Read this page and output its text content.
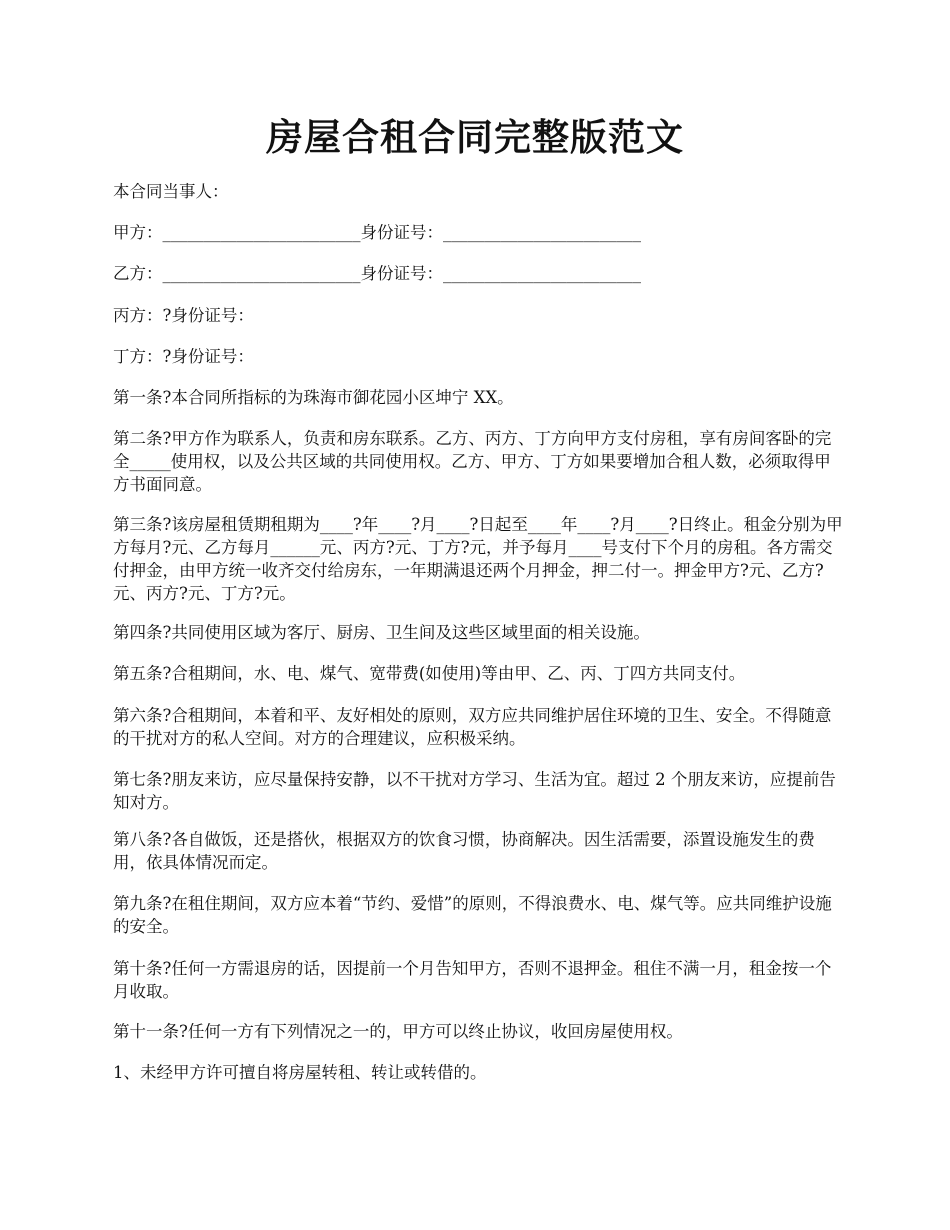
房屋合租合同完整版范文

本合同当事人：

甲方：________________________身份证号：________________________

乙方：________________________身份证号：________________________

丙方：?身份证号：

丁方：?身份证号：

第一条?本合同所指标的为珠海市御花园小区坤宁 XX。

第二条?甲方作为联系人，负责和房东联系。乙方、丙方、丁方向甲方支付房租，享有房间客卧的完全_____使用权，以及公共区域的共同使用权。乙方、甲方、丁方如果要增加合租人数，必须取得甲方书面同意。

第三条?该房屋租赁期租期为____?年____?月____?日起至____年____?月____?日终止。租金分别为甲方每月?元、乙方每月______元、丙方?元、丁方?元，并予每月____号支付下个月的房租。各方需交付押金，由甲方统一收齐交付给房东，一年期满退还两个月押金，押二付一。押金甲方?元、乙方?元、丙方?元、丁方?元。

第四条?共同使用区域为客厅、厨房、卫生间及这些区域里面的相关设施。

第五条?合租期间，水、电、煤气、宽带费(如使用)等由甲、乙、丙、丁四方共同支付。

第六条?合租期间，本着和平、友好相处的原则，双方应共同维护居住环境的卫生、安全。不得随意的干扰对方的私人空间。对方的合理建议，应积极采纳。

第七条?朋友来访，应尽量保持安静，以不干扰对方学习、生活为宜。超过 2 个朋友来访，应提前告知对方。

第八条?各自做饭，还是搭伙，根据双方的饮食习惯，协商解决。因生活需要，添置设施发生的费用，依具体情况而定。

第九条?在租住期间，双方应本着“节约、爱惜”的原则，不得浪费水、电、煤气等。应共同维护设施的安全。

第十条?任何一方需退房的话，因提前一个月告知甲方，否则不退押金。租住不满一月，租金按一个月收取。

第十一条?任何一方有下列情况之一的，甲方可以终止协议，收回房屋使用权。

1、未经甲方许可擅自将房屋转租、转让或转借的。
